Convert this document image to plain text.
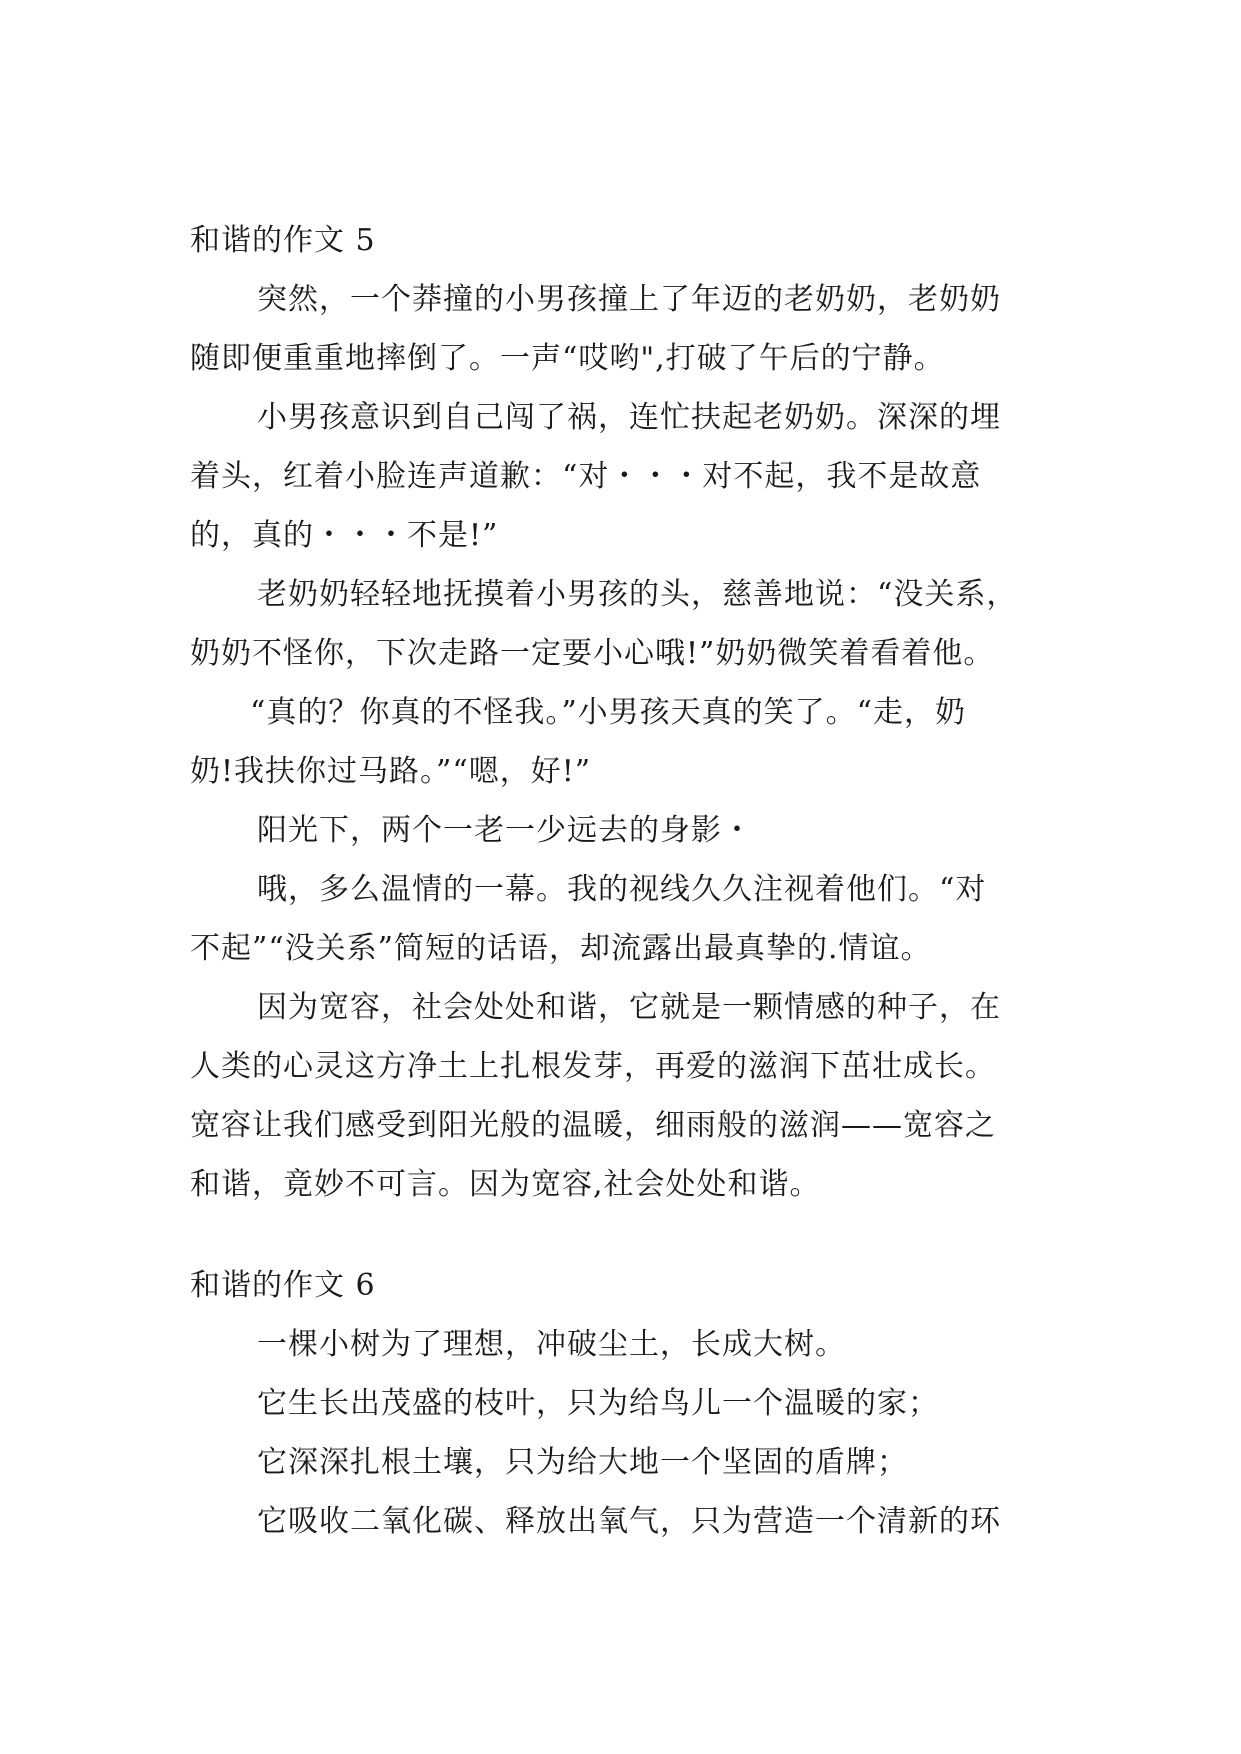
和谐的作文 5
突然，一个莽撞的小男孩撞上了年迈的老奶奶，老奶奶
随即便重重地摔倒了。一声“哎哟",打破了午后的宁静。
小男孩意识到自己闯了祸，连忙扶起老奶奶。深深的埋
着头，红着小脸连声道歉：“对・・・对不起，我不是故意
的，真的・・・不是!”
老奶奶轻轻地抚摸着小男孩的头，慈善地说：“没关系，
奶奶不怪你，下次走路一定要小心哦!”奶奶微笑着看着他。
“真的？你真的不怪我。”小男孩天真的笑了。“走，奶
奶!我扶你过马路。”“嗯，好!”
阳光下，两个一老一少远去的身影・
哦，多么温情的一幕。我的视线久久注视着他们。“对
不起”“没关系”简短的话语，却流露出最真挚的.情谊。
因为宽容，社会处处和谐，它就是一颗情感的种子，在
人类的心灵这方净土上扎根发芽，再爱的滋润下茁壮成长。
宽容让我们感受到阳光般的温暖，细雨般的滋润——宽容之
和谐，竟妙不可言。因为宽容,社会处处和谐。
和谐的作文 6
一棵小树为了理想，冲破尘土，长成大树。
它生长出茂盛的枝叶，只为给鸟儿一个温暖的家；
它深深扎根土壤，只为给大地一个坚固的盾牌；
它吸收二氧化碳、释放出氧气，只为营造一个清新的环
